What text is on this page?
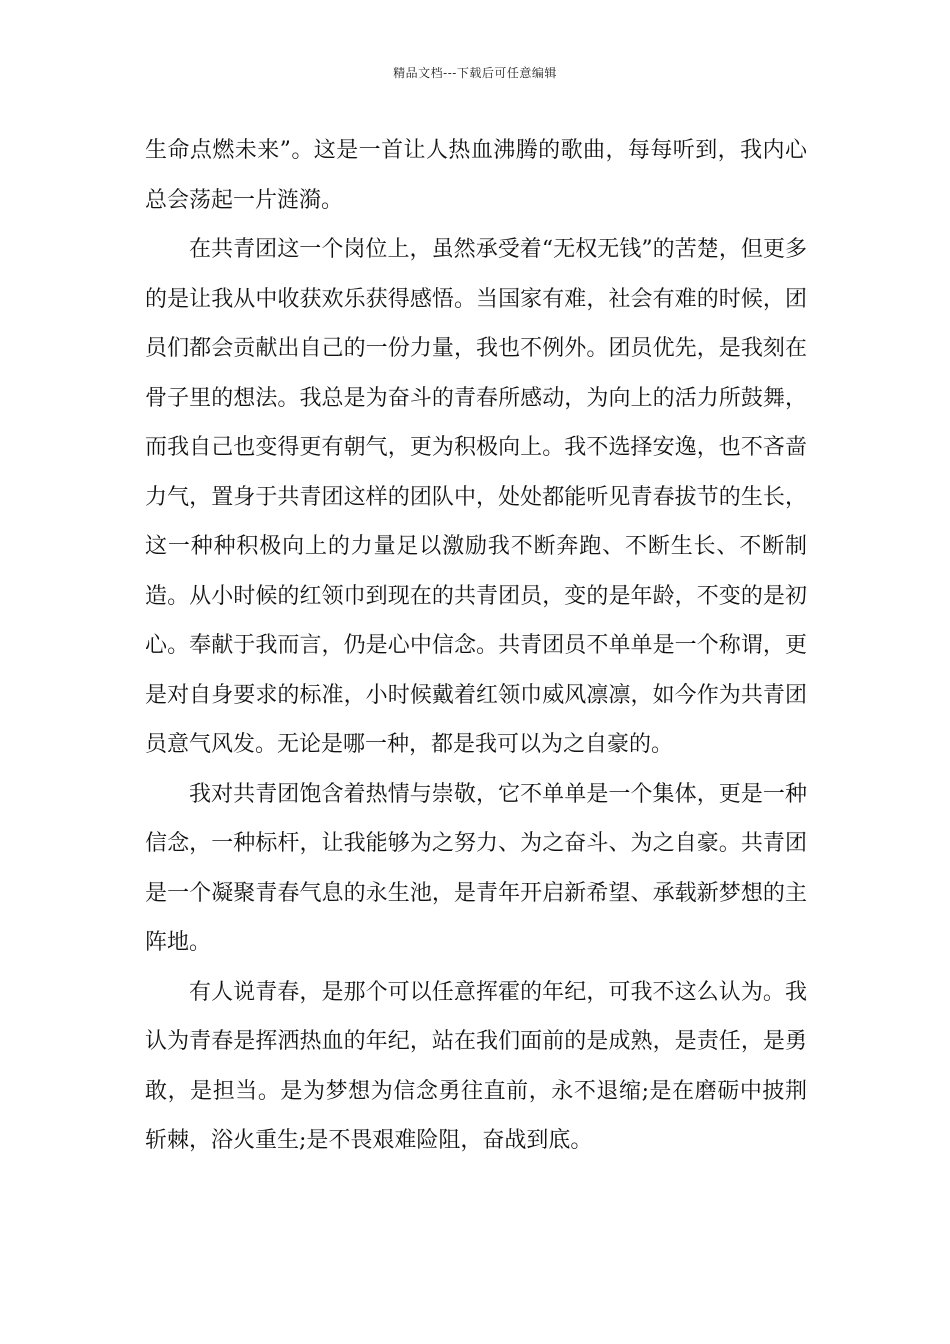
精品文档---下载后可任意编辑

生命点燃未来”。这是一首让人热血沸腾的歌曲，每每听到，我内心总会荡起一片涟漪。

在共青团这一个岗位上，虽然承受着“无权无钱”的苦楚，但更多的是让我从中收获欢乐获得感悟。当国家有难，社会有难的时候，团员们都会贡献出自己的一份力量，我也不例外。团员优先，是我刻在骨子里的想法。我总是为奋斗的青春所感动，为向上的活力所鼓舞，而我自己也变得更有朝气，更为积极向上。我不选择安逸，也不吝啬力气，置身于共青团这样的团队中，处处都能听见青春拔节的生长，这一种种积极向上的力量足以激励我不断奔跑、不断生长、不断制造。从小时候的红领巾到现在的共青团员，变的是年龄，不变的是初心。奉献于我而言，仍是心中信念。共青团员不单单是一个称谓，更是对自身要求的标准，小时候戴着红领巾威风凛凛，如今作为共青团员意气风发。无论是哪一种，都是我可以为之自豪的。

我对共青团饱含着热情与崇敬，它不单单是一个集体，更是一种信念，一种标杆，让我能够为之努力、为之奋斗、为之自豪。共青团是一个凝聚青春气息的永生池，是青年开启新希望、承载新梦想的主阵地。

有人说青春，是那个可以任意挥霍的年纪，可我不这么认为。我认为青春是挥洒热血的年纪，站在我们面前的是成熟，是责任，是勇敢，是担当。是为梦想为信念勇往直前，永不退缩;是在磨砺中披荆斩棘，浴火重生;是不畏艰难险阻，奋战到底。
